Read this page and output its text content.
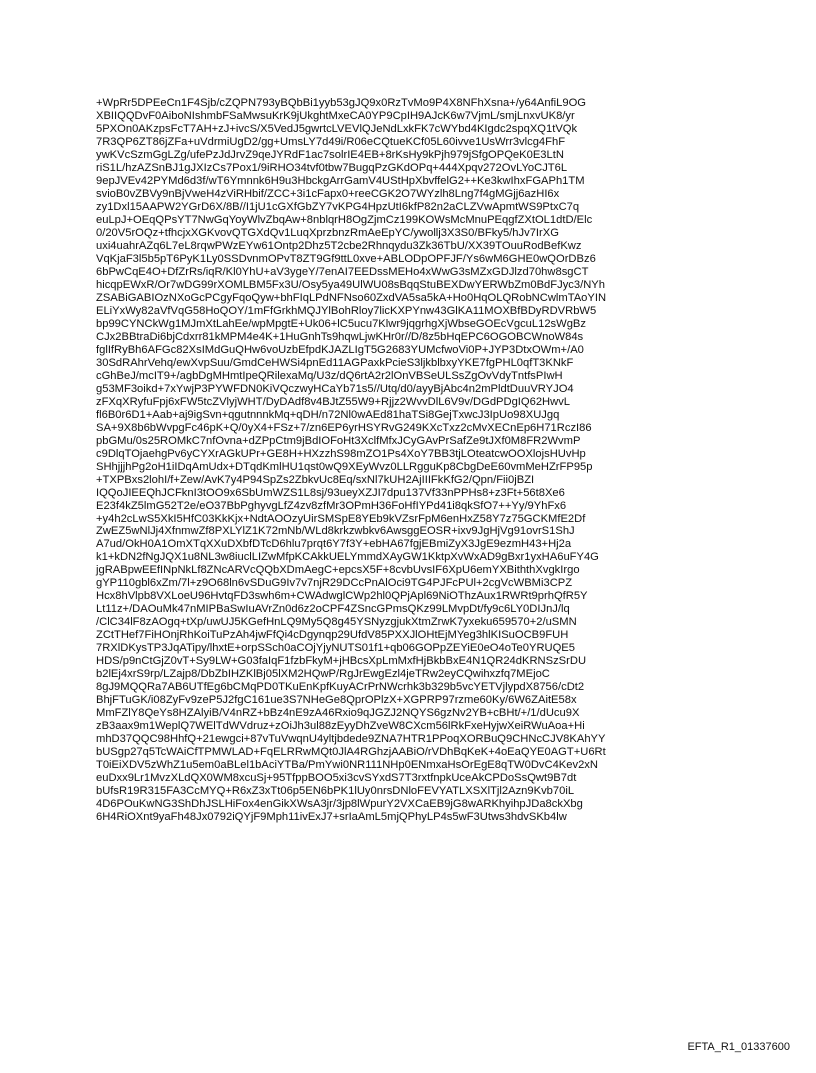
+WpRr5DPEeCn1F4Sjb/cZQPN793yBQbBi1yyb53gJQ9x0RzTvMo9P4X8NFhXsna+/y64AnfiL9OG
XBIIQQDvF0AiboNIshmbFSaMwsuKrK9jUkghtMxeCA0YP9CpIH9AJcK6w7VjmL/smjLnxvUK8/yr
5PXOn0AKzpsFcT7AH+zJ+ivcS/X5VedJ5gwrtcLVEVlQJeNdLxkFK7cWYbd4KIgdc2spqXQ1tVQk
7R3QP6ZT86jZFa+uVdrmiUgD2/gg+UmsLY7d49i/R06eCQtueKCf05L60ivve1UsWrr3vlcg4FhF
ywKVcSzmGgLZg/ufePzJdJrvZ9qeJYRdF1ac7solrIE4EB+8rKsHy9kPjh979jSfgOPQeK0E3LtN
riS1L/hzAZSnBJ1gJXIzCs7Pox1/9iRHO34tvf0tbw7BugqPzGKdOPq+444Xpqv272OvLYoCJT6L
9epJVEv42PYMd6d3f/wT6Ymnnk6H9u3HbckgArrGamV4UStHpXbvffelG2++Ke3kwIhxFGAPh1TM
svioB0vZBVy9nBjVweH4zViRHbif/ZCC+3i1cFapx0+reeCGK2O7WYzlh8Lng7f4gMGjj6azHI6x
zy1Dxl15AAPW2YGrD6X/8B//I1jU1cGXfGbZY7vKPG4HpzUtI6kfP82n2aCLZVwApmtWS9PtxC7q
euLpJ+OEqQPsYT7NwGqYoyWlvZbqAw+8nblqrH8OgZjmCz199KOWsMcMnuPEqgfZXtOL1dtD/Elc
0/20V5rOQz+tfhcjxXGKvovQTGXdQv1LuqXprzbnzRmAeEpYC/ywollj3X3S0/BFky5/hJv7IrXG
uxi4uahrAZq6L7eL8rqwPWzEYw61Ontp2Dhz5T2cbe2Rhnqydu3Zk36TbU/XX39TOuuRodBefKwz
VqKjaF3l5b5pT6PyK1Ly0SSDvnmOPvT8ZT9Gf9ttL0xve+ABLODpOPFJF/Ys6wM6GHE0wQOrDBz6
6bPwCqE4O+DfZrRs/iqR/Kl0YhU+aV3ygeY/7enAI7EEDssMEHo4xWwG3sMZxGDJlzd70hw8sgCT
hicqpEWxR/Or7wDG99rXOMLBM5Fx3U/Osy5ya49UlWU08sBqqStuBEXDwYERWbZm0BdFJyc3/NYh
ZSABiGABIOzNXoGcPCgyFqoQyw+bhFIqLPdNFNso60ZxdVA5sa5kA+Ho0HqOLQRobNCwlmTAoYIN
ELiYxWy82aVfVqG58HoQOY/1mFfGrkhMQJYlBohRloy7licKXPYnw43GlKA11MOXBfBDyRDVRbW5
bp99CYNCkWg1MJmXtLahEe/wpMpgtE+Uk06+lC5ucu7Klwr9jqgrhgXjWbseGOEcVgcuL12sWgBz
CJx2BBtraDi6bjCdxrr81kMPM4e4K+1HuGnhTs9hqwLjwKHr0r//D/8z5bHqEPC6OGOBCWnoW84s
fglIfRyBh6AFGc82XsIMdGuQHw6voUzbEfpdKJAZLIgT5G2683YUMcfwoVi0P+JYP3DtxOWm+/A0
30SdRAhrVehq/ewXvpSuu/GmdCeHWSi4pnEd11AGPaxkPcieS3ljkblbxyYKE7fgPHL0qfT3KNkF
cGhBeJ/mcIT9+/agbDgMHmtIpeQRilexaMq/U3z/dQ6rtA2r2lOnVBSeULSsZgOvVdyTntfsPIwH
g53MF3oikd+7xYwjP3PYWFDN0KiVQczwyHCaYb71s5//Utq/d0/ayyBjAbc4n2mPldtDuuVRYJO4
zFXqXRyfuFpj6xFW5tcZVlyjWHT/DyDAdf8v4BJtZ55W9+Rjjz2WvvDlL6V9v/DGdPDgIQ62HwvL
fl6B0r6D1+Aab+aj9igSvn+qgutnnnkMq+qDH/n72Nl0wAEd81haTSi8GejTxwcJ3IpUo98XUJgq
SA+9X8b6bWvpgFc46pK+Q/0yX4+FSz+7/zn6EP6yrHSYRvG249KXcTxz2cMvXECnEp6H71RczI86
pbGMu/0s25ROMkC7nfOvna+dZPpCtm9jBdIOFoHt3XclfMfxJCyGAvPrSafZe9tJXf0M8FR2WvmP
c9DlqTOjaehgPv6yCYXrAGkUPr+GE8H+HXzzhS98mZO1Ps4XoY7BB3tjLOteatcwOOXlojsHUvHp
SHhjjjhPg2oH1iIDqAmUdx+DTqdKmlHU1qst0wQ9XEyWvz0LLRgguKp8CbgDeE60vmMeHZrFP95p
+TXPBxs2lohI/f+Zew/AvK7y4P94SpZs2ZbkvUc8Eq/sxNl7kUH2AjIIIFkKfG2/Qpn/Fii0jBZI
IQQoJIEEQhJCFknI3tOO9x6SbUmWZS1L8sj/93ueyXZJI7dpu137Vf33nPPHs8+z3Ft+56t8Xe6
E23f4kZ5lmG52T2e/eO37BbPghyvgLfZ4zv8zfMr3OPmH36FoHfIYPd41i8qkSfO7++Yy/9YhFx6
+y4h2cLwS5XkI5HfC03KkKjx+NdtAOOzyUirSMSpE8YEb9kVZsrFpM6enHxZ58Y7z75GCKMfE2Df
ZwEZ5wNlJj4XfnmwZf8PXLYlZ1K72mNb/WLd8krkzwbkv6AwsggEOSR+ixv9JgHjVg91ovrS1ShJ
A7ud/OkH0A1OmXTqXXuDXbfDTcD6hlu7prqt6Y7f3Y+ebHA67fgjEBmiZyX3JgE9ezmH43+Hj2a
k1+kDN2fNgJQX1u8NL3w8iuclLIZwMfpKCAkkUELYmmdXAyGW1KktpXvWxAD9gBxr1yxHA6uFY4G
jgRABpwEEfINpNkLf8ZNcARVcQQbXDmAegC+epcsX5F+8cvbUvsIF6XpU6emYXBiththXvgkIrgo
gYP110gbl6xZm/7l+z9O68ln6vSDuG9Iv7v7njR29DCcPnAlOci9TG4PJFcPUl+2cgVcWBMi3CPZ
Hcx8hVlpb8VXLoeU96HvtqFD3swh6m+CWAdwglCWp2hl0QPjApl69NiOThzAux1RWRt9prhQfR5Y
Lt11z+/DAOuMk47nMIPBaSwIuAVrZn0d6z2oCPF4ZSncGPmsQKz99LMvpDt/fy9c6LY0DIJnJ/lq
/ClC34lF8zAOgq+tXp/uwUJ5KGefHnLQ9My5Q8g45YSNyzgjukXtmZrwK7yxeku659570+2/uSMN
ZCtTHef7FiHOnjRhKoiTuPzAh4jwFfQi4cDgynqp29UfdV85PXXJlOHtEjMYeg3hlKISuOCB9FUH
7RXlDKysTP3JqATipy/lhxtE+orpSSch0aCOjYjyNUTS01f1+qb06GOPpZEYiE0eO4oTe0YRUQE5
HDS/p9nCtGjZ0vT+Sy9LW+G03faIqF1fzbFkyM+jHBcsXpLmMxfHjBkbBxE4N1QR24dKRNSzSrDU
b2lEj4xrS9rp/LZajp8/DbZbIHZKlBj05lXM2HQwP/RgJrEwgEzl4jeTRw2eyCQwihxzfq7MEjoC
8gJ9MQQRa7AB6UTfEg6bCMqPD0TKuEnKpfKuyACrPrNWcrhk3b329b5vcYETVjlypdX8756/cDt2
BhjFTuGK/i08ZyFv9zeP5J2fgC161ue3S7NHeGe8QprOPlzX+XGPRP97rzme60Ky/6W6ZAitE58x
MmFZlY8QeYs8HZAlyiB/V4nRZ+bBz4nE9zA46Rxio9qJGZJ2NQYS6gzNv2YB+cBHt/+/1/dUcu9X
zB3aax9m1WeplQ7WElTdWVdruz+zOiJh3ul88zEyyDhZveW8CXcm56lRkFxeHyjwXeiRWuAoa+Hi
mhD37QQC98HhfQ+21ewgci+87vTuVwqnU4yltjbdede9ZNA7HTR1PPoqXORBuQ9CHNcCJV8KAhYY
bUSgp27q5TcWAiCfTPMWLAD+FqELRRwMQt0JlA4RGhzjAABiO/rVDhBqKeK+4oEaQYE0AGT+U6Rt
T0iEiXDV5zWhZ1u5em0aBLel1bAciYTBa/PmYwi0NR111NHp0ENmxaHsOrEgE8qTW0DvC4Kev2xN
euDxx9Lr1MvzXLdQX0WM8xcuSj+95TfppBOO5xi3cvSYxdS7T3rxtfnpkUceAkCPDoSsQwt9B7dt
bUfsR19R315FA3CcMYQ+R6xZ3xTt06p5EN6bPK1lUy0nrsDNloFEVYATLXSXlTjl2Azn9Kvb70iL
4D6POuKwNG3ShDhJSLHiFox4enGikXWsA3jr/3jp8lWpurY2VXCaEB9jG8wARKhyihpJDa8ckXbg
6H4RiOXnt9yaFh48Jx0792iQYjF9Mph11ivExJ7+srIaAmL5mjQPhyLP4s5wF3Utws3hdvSKb4lw
EFTA_R1_01337600
